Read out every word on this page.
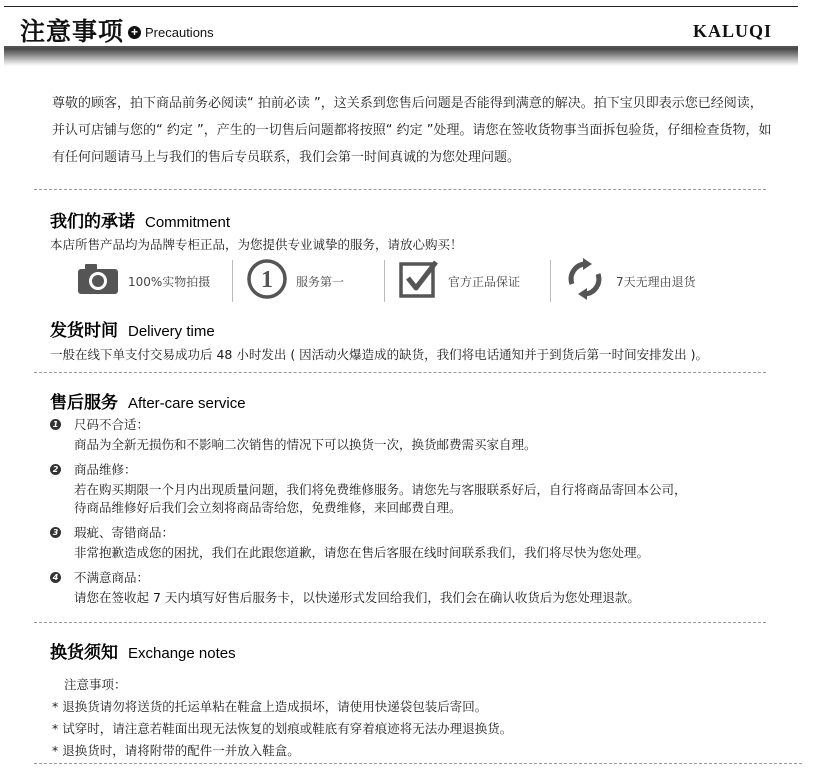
注意事项 + Precautions	KALUQI
尊敬的顾客，拍下商品前务必阅读“ 拍前必读 ”，这关系到您售后问题是否能得到满意的解决。拍下宝贝即表示您已经阅读，并认可店铺与您的“ 约定 ”，产生的一切售后问题都将按照“ 约定 ”处理。请您在签收货物事当面拆包验货，仔细检查货物，如有任何问题请马上与我们的售后专员联系，我们会第一时间真诚的为您处理问题。
我们的承诺 Commitment
本店所售产品均为品牌专柜正品，为您提供专业诚挚的服务，请放心购买！
100%实物拍摄 1 服务第一	官方正品保证	7天无理由退货
发货时间 Delivery time
一般在线下单支付交易成功后 48 小时发出 ( 因活动火爆造成的缺货，我们将电话通知并于到货后第一时间安排发出 )。
售后服务 After-care service
1 尺码不合适：
商品为全新无损伤和不影响二次销售的情况下可以换货一次，换货邮费需买家自理。
2 商品维修：
若在购买期限一个月内出现质量问题，我们将免费维修服务。请您先与客服联系好后，自行将商品寄回本公司，
待商品维修好后我们会立刻将商品寄给您，免费维修，来回邮费自理。
3 瑕疵、寄错商品：
非常抱歉造成您的困扰，我们在此跟您道歉，请您在售后客服在线时间联系我们，我们将尽快为您处理。
4 不满意商品：
请您在签收起 7 天内填写好售后服务卡，以快递形式发回给我们，我们会在确认收货后为您处理退款。
换货须知 Exchange notes
注意事项：
* 退换货请勿将送货的托运单粘在鞋盒上造成损坏，请使用快递袋包装后寄回。
* 试穿时，请注意若鞋面出现无法恢复的划痕或鞋底有穿着痕迹将无法办理退换货。
* 退换货时，请将附带的配件一并放入鞋盒。
